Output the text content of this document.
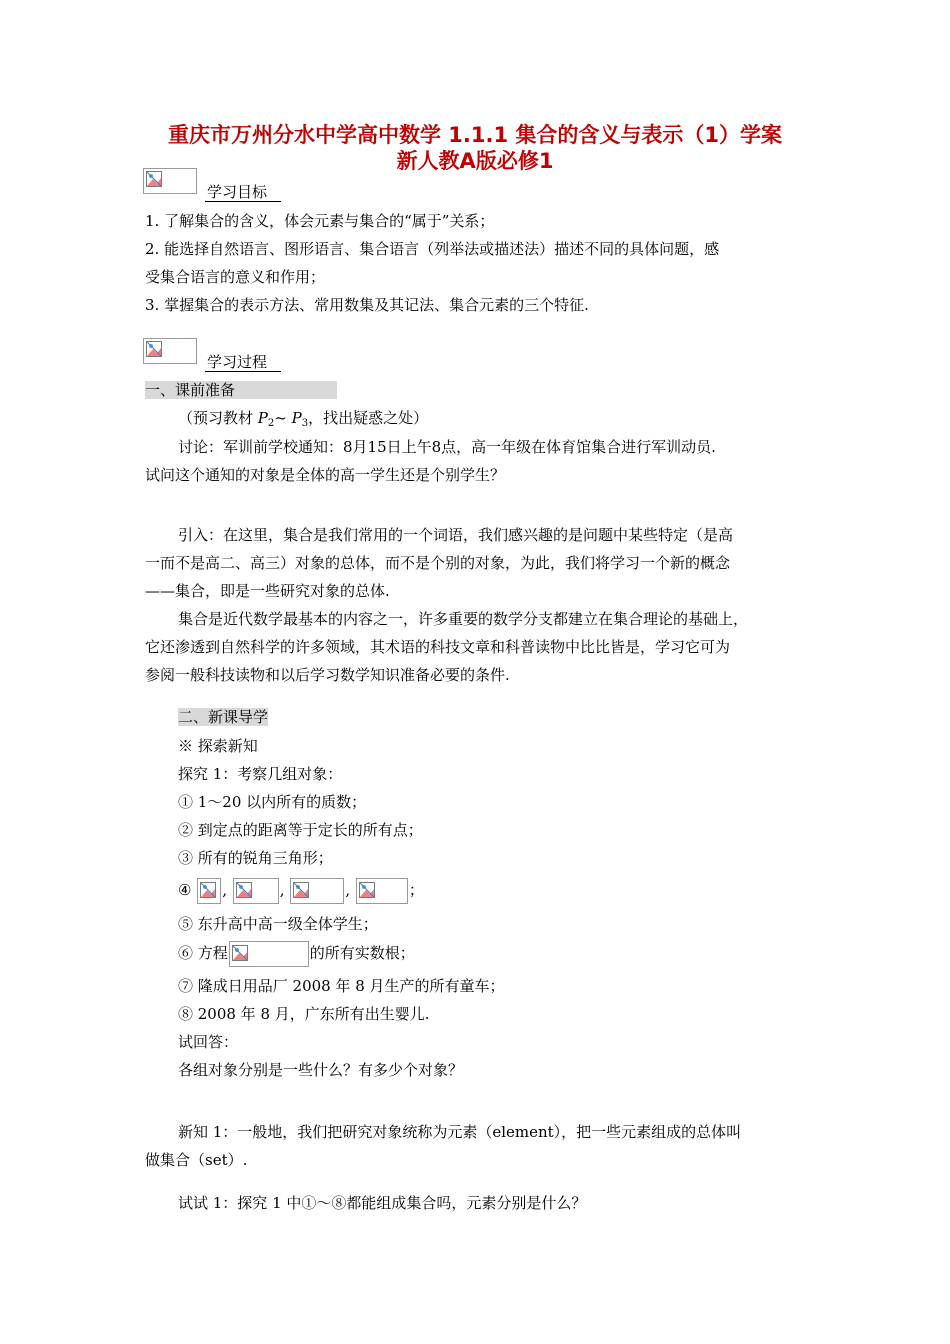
重庆市万州分水中学高中数学 1.1.1 集合的含义与表示（1）学案
新人教A版必修1
学习目标
1. 了解集合的含义，体会元素与集合的“属于”关系；
2. 能选择自然语言、图形语言、集合语言（列举法或描述法）描述不同的具体问题，感
受集合语言的意义和作用；
3. 掌握集合的表示方法、常用数集及其记法、集合元素的三个特征.
学习过程
一、课前准备
（预习教材 $P_2\sim$ $P_3$，找出疑惑之处）
讨论：军训前学校通知：8月15日上午8点，高一年级在体育馆集合进行军训动员.
试问这个通知的对象是全体的高一学生还是个别学生？
引入：在这里，集合是我们常用的一个词语，我们感兴趣的是问题中某些特定（是高
一而不是高二、高三）对象的总体，而不是个别的对象，为此，我们将学习一个新的概念
——集合，即是一些研究对象的总体.
集合是近代数学最基本的内容之一，许多重要的数学分支都建立在集合理论的基础上，
它还渗透到自然科学的许多领域，其术语的科技文章和科普读物中比比皆是，学习它可为
参阅一般科技读物和以后学习数学知识准备必要的条件.
二、新课导学
※ 探索新知
探究 1：考察几组对象：
① 1～20 以内所有的质数；
② 到定点的距离等于定长的所有点；
③ 所有的锐角三角形；
④ ,	,	,	；
⑤ 东升高中高一级全体学生；
⑥ 方程	的所有实数根；
⑦ 隆成日用品厂 2008 年 8 月生产的所有童车；
⑧ 2008 年 8 月，广东所有出生婴儿.
试回答：
各组对象分别是一些什么？有多少个对象？
新知 1：一般地，我们把研究对象统称为元素（element），把一些元素组成的总体叫
做集合（set）.
试试 1：探究 1 中①～⑧都能组成集合吗，元素分别是什么？
